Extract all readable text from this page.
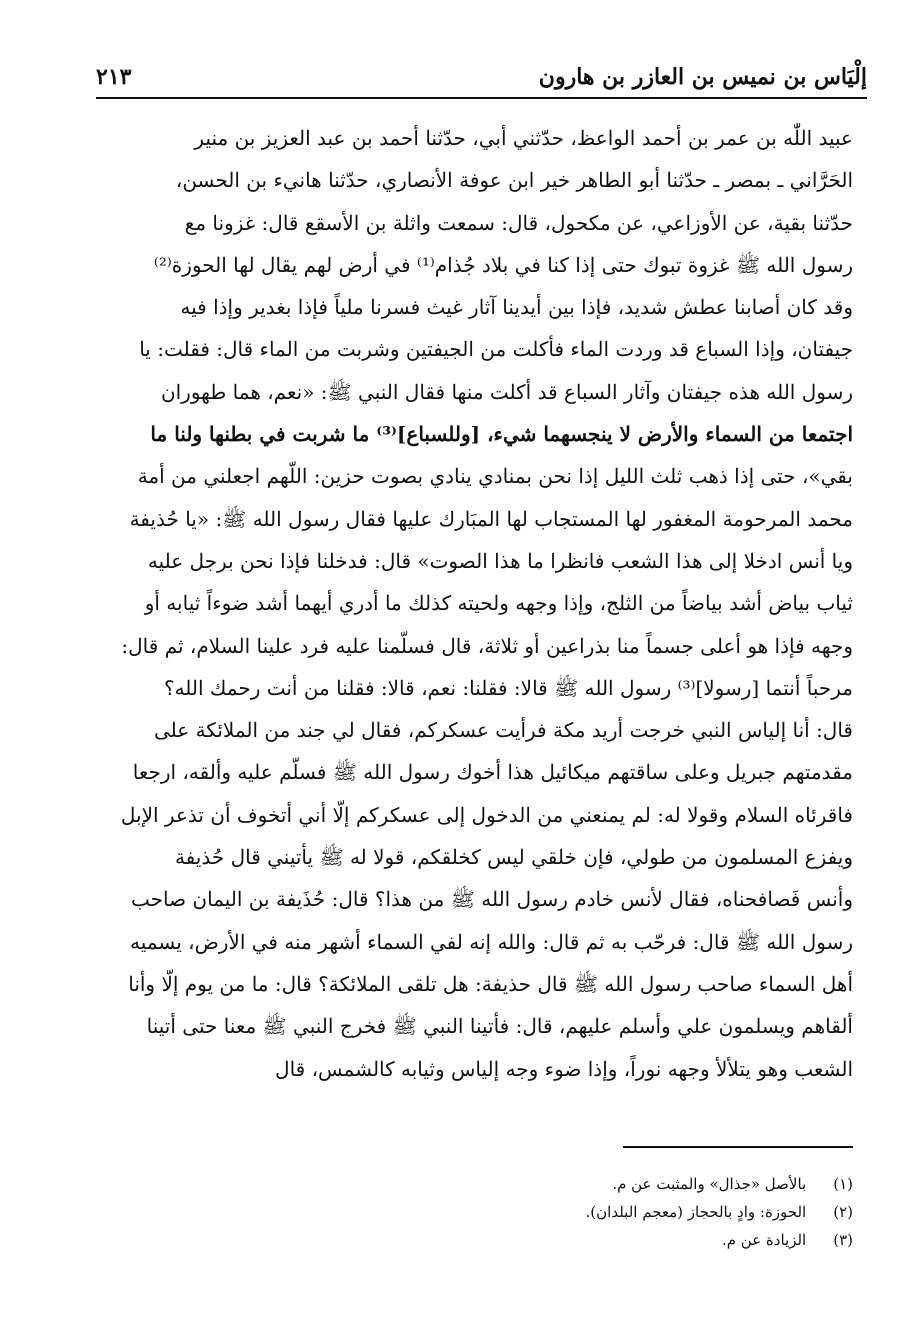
إلْيَاس بن نميس بن العازر بن هارون
٢١٣
عبيد اللّٰه بن عمر بن أحمد الواعظ، حدّثني أبي، حدّثنا أحمد بن عبد العزيز بن منير
الحَرَّاني ـ بمصر ـ حدّثنا أبو الطاهر خير ابن عوفة الأنصاري، حدّثنا هانيء بن الحسن،
حدّثنا بقية، عن الأوزاعي، عن مكحول، قال: سمعت واثلة بن الأسقع قال: غزونا مع
رسول الله ﷺ غزوة تبوك حتى إذا كنا في بلاد جُذام⁽¹⁾ في أرض لهم يقال لها الحوزة⁽²⁾
وقد كان أصابنا عطش شديد، فإذا بين أيدينا آثار غيث فسرنا ملياً فإذا بغدير وإذا فيه
جيفتان، وإذا السباع قد وردت الماء فأكلت من الجيفتين وشربت من الماء قال: فقلت: يا
رسول الله هذه جيفتان وآثار السباع قد أكلت منها فقال النبي ﷺ: «نعم، هما طهوران
اجتمعا من السماء والأرض لا ينجسهما شيء، [وللسباع]⁽³⁾ ما شربت في بطنها ولنا ما
بقي»، حتى إذا ذهب ثلث الليل إذا نحن بمنادي ينادي بصوت حزين: اللّهم اجعلني من أمة
محمد المرحومة المغفور لها المستجاب لها المبَارك عليها فقال رسول الله ﷺ: «يا حُذيفة
ويا أنس ادخلا إلى هذا الشعب فانظرا ما هذا الصوت» قال: فدخلنا فإذا نحن برجل عليه
ثياب بياض أشد بياضاً من الثلج، وإذا وجهه ولحيته كذلك ما أدري أيهما أشد ضوءاً ثيابه أو
وجهه فإذا هو أعلى جسماً منا بذراعين أو ثلاثة، قال فسلّمنا عليه فرد علينا السلام، ثم قال:
مرحباً أنتما [رسولا]⁽³⁾ رسول الله ﷺ قالا: فقلنا: نعم، قالا: فقلنا من أنت رحمك الله؟
قال: أنا إلياس النبي خرجت أريد مكة فرأيت عسكركم، فقال لي جند من الملائكة على
مقدمتهم جبريل وعلى ساقتهم ميكائيل هذا أخوك رسول الله ﷺ فسلّم عليه وألقه، ارجعا
فاقرئاه السلام وقولا له: لم يمنعني من الدخول إلى عسكركم إلّا أني أتخوف أن تذعر الإبل
ويفزع المسلمون من طولي، فإن خلقي ليس كخلقكم، قولا له ﷺ يأتيني قال حُذيفة
وأنس فَصافحناه، فقال لأنس خادم رسول الله ﷺ من هذا؟ قال: حُذَيفة بن اليمان صاحب
رسول الله ﷺ قال: فرحّب به ثم قال: والله إنه لفي السماء أشهر منه في الأرض، يسميه
أهل السماء صاحب رسول الله ﷺ قال حذيفة: هل تلقى الملائكة؟ قال: ما من يوم إلّا وأنا
ألقاهم ويسلمون علي وأسلم عليهم، قال: فأتينا النبي ﷺ فخرج النبي ﷺ معنا حتى أتينا
الشعب وهو يتلألأ وجهه نوراً، وإذا ضوء وجه إلياس وثيابه كالشمس، قال
(١) بالأصل «جذال» والمثبت عن م.
(٢) الحوزة: وادٍ بالحجاز (معجم البلدان).
(٣) الزيادة عن م.
